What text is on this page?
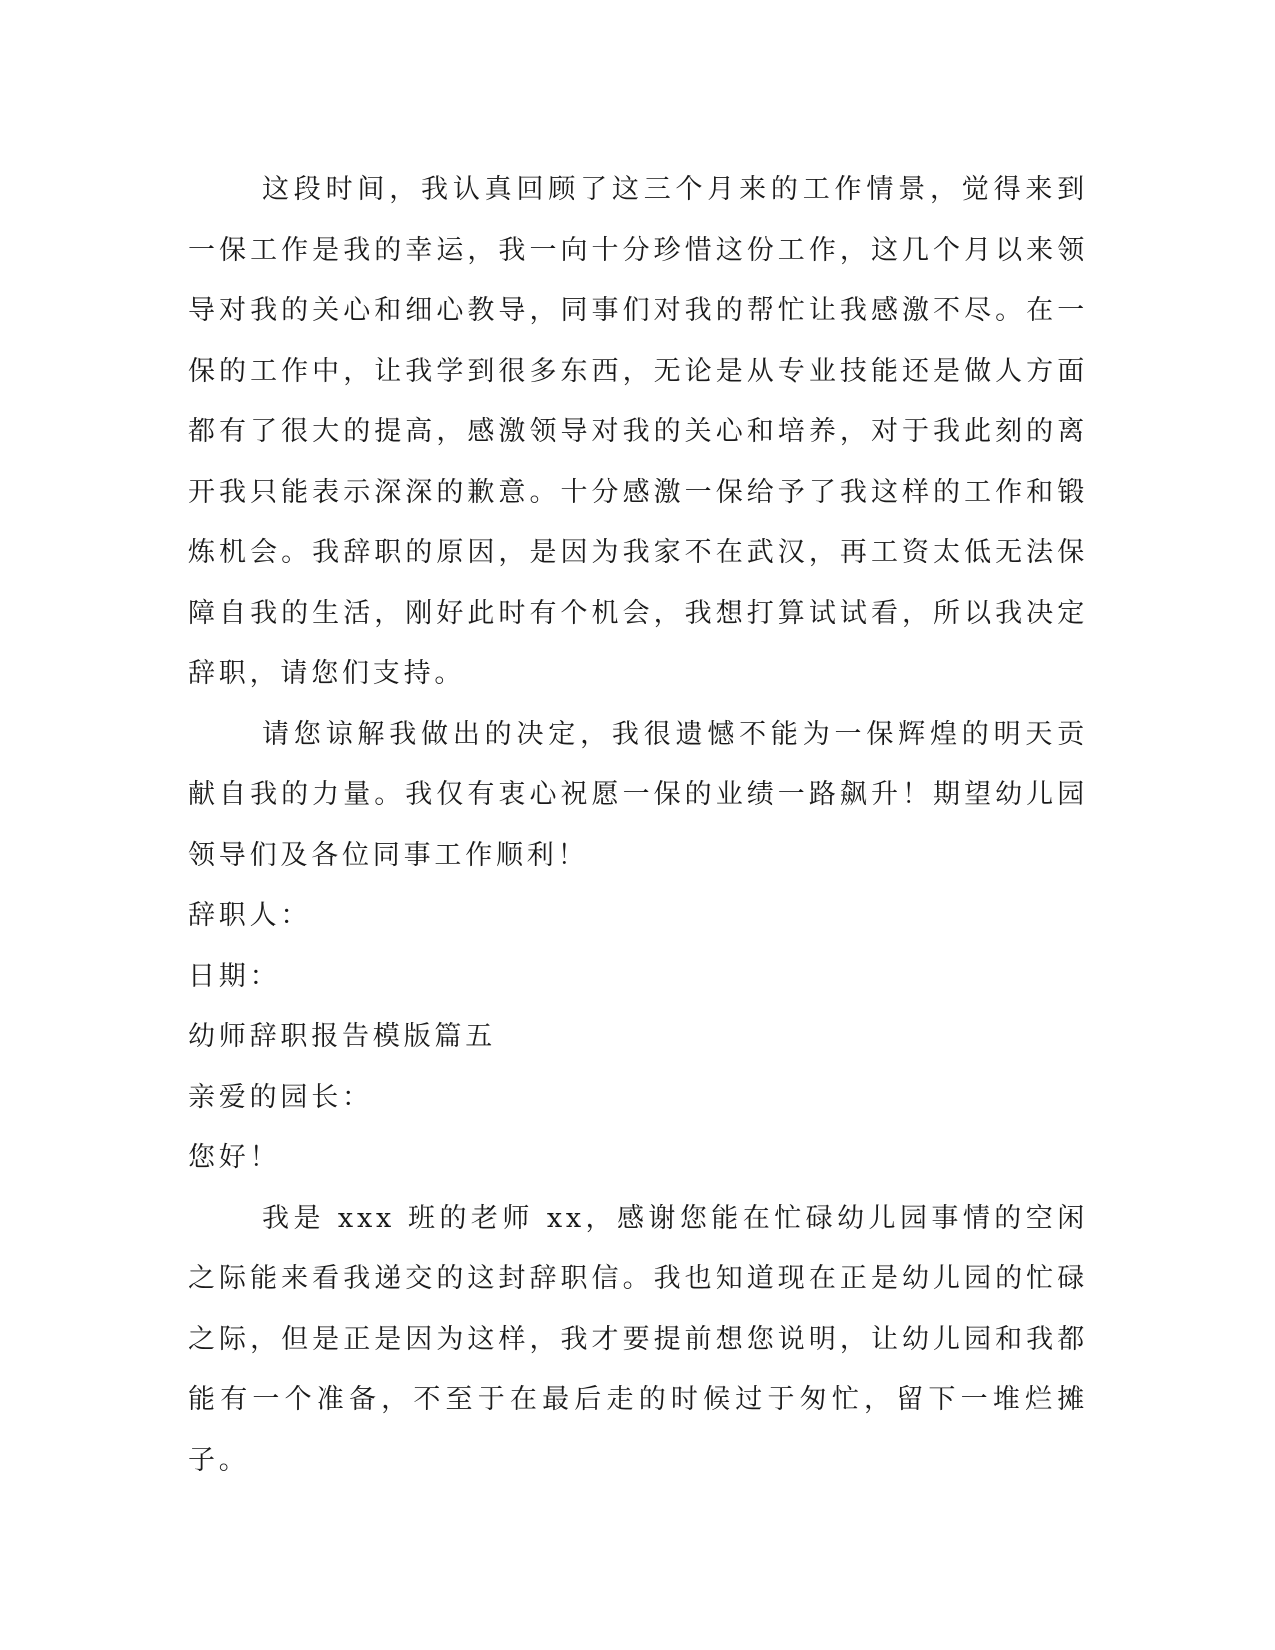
这段时间，我认真回顾了这三个月来的工作情景，觉得来到一保工作是我的幸运，我一向十分珍惜这份工作，这几个月以来领导对我的关心和细心教导，同事们对我的帮忙让我感激不尽。在一保的工作中，让我学到很多东西，无论是从专业技能还是做人方面都有了很大的提高，感激领导对我的关心和培养，对于我此刻的离开我只能表示深深的歉意。十分感激一保给予了我这样的工作和锻炼机会。我辞职的原因，是因为我家不在武汉，再工资太低无法保障自我的生活，刚好此时有个机会，我想打算试试看，所以我决定辞职，请您们支持。

请您谅解我做出的决定，我很遗憾不能为一保辉煌的明天贡献自我的力量。我仅有衷心祝愿一保的业绩一路飙升！期望幼儿园领导们及各位同事工作顺利！

辞职人：

日期：

幼师辞职报告模版篇五

亲爱的园长：

您好！

我是 xxx 班的老师 xx，感谢您能在忙碌幼儿园事情的空闲之际能来看我递交的这封辞职信。我也知道现在正是幼儿园的忙碌之际，但是正是因为这样，我才要提前想您说明，让幼儿园和我都能有一个准备，不至于在最后走的时候过于匆忙，留下一堆烂摊子。
